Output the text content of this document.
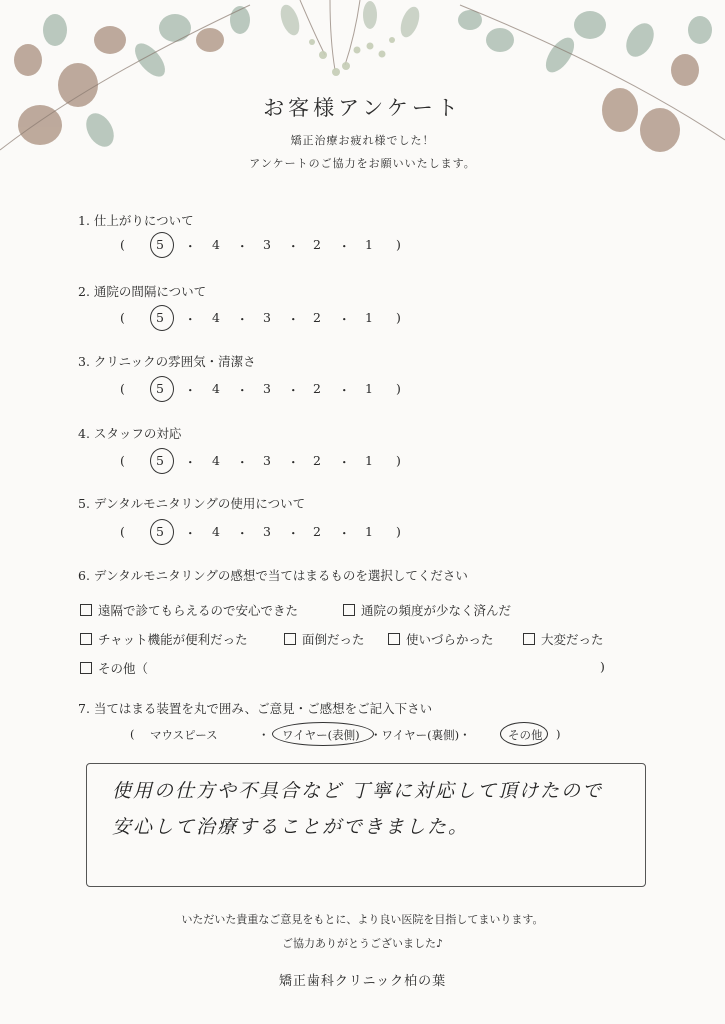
お客様アンケート
矯正治療お疲れ様でした！
アンケートのご協力をお願いいたします。
1. 仕上がりについて
( 5 ・ 4 ・ 3 ・ 2 ・ 1 )
2. 通院の間隔について
( 5 ・ 4 ・ 3 ・ 2 ・ 1 )
3. クリニックの雰囲気・清潔さ
( 5 ・ 4 ・ 3 ・ 2 ・ 1 )
4. スタッフの対応
( 5 ・ 4 ・ 3 ・ 2 ・ 1 )
5. デンタルモニタリングの使用について
( 5 ・ 4 ・ 3 ・ 2 ・ 1 )
6. デンタルモニタリングの感想で当てはまるものを選択してください
遠隔で診てもらえるので安心できた	通院の頻度が少なく済んだ
チャット機能が便利だった	面倒だった	使いづらかった	大変だった
その他（	)
7. 当てはまる装置を丸で囲み、ご意見・ご感想をご記入下さい
( マウスピース	・ ワイヤー(表側) ・ワイヤー(裏側)・	その他 )
使用の仕方や不具合など 丁寧に対応して頂けたので
安心して治療することができました。
いただいた貴重なご意見をもとに、より良い医院を目指してまいります。
ご協力ありがとうございました♪
矯正歯科クリニック柏の葉
